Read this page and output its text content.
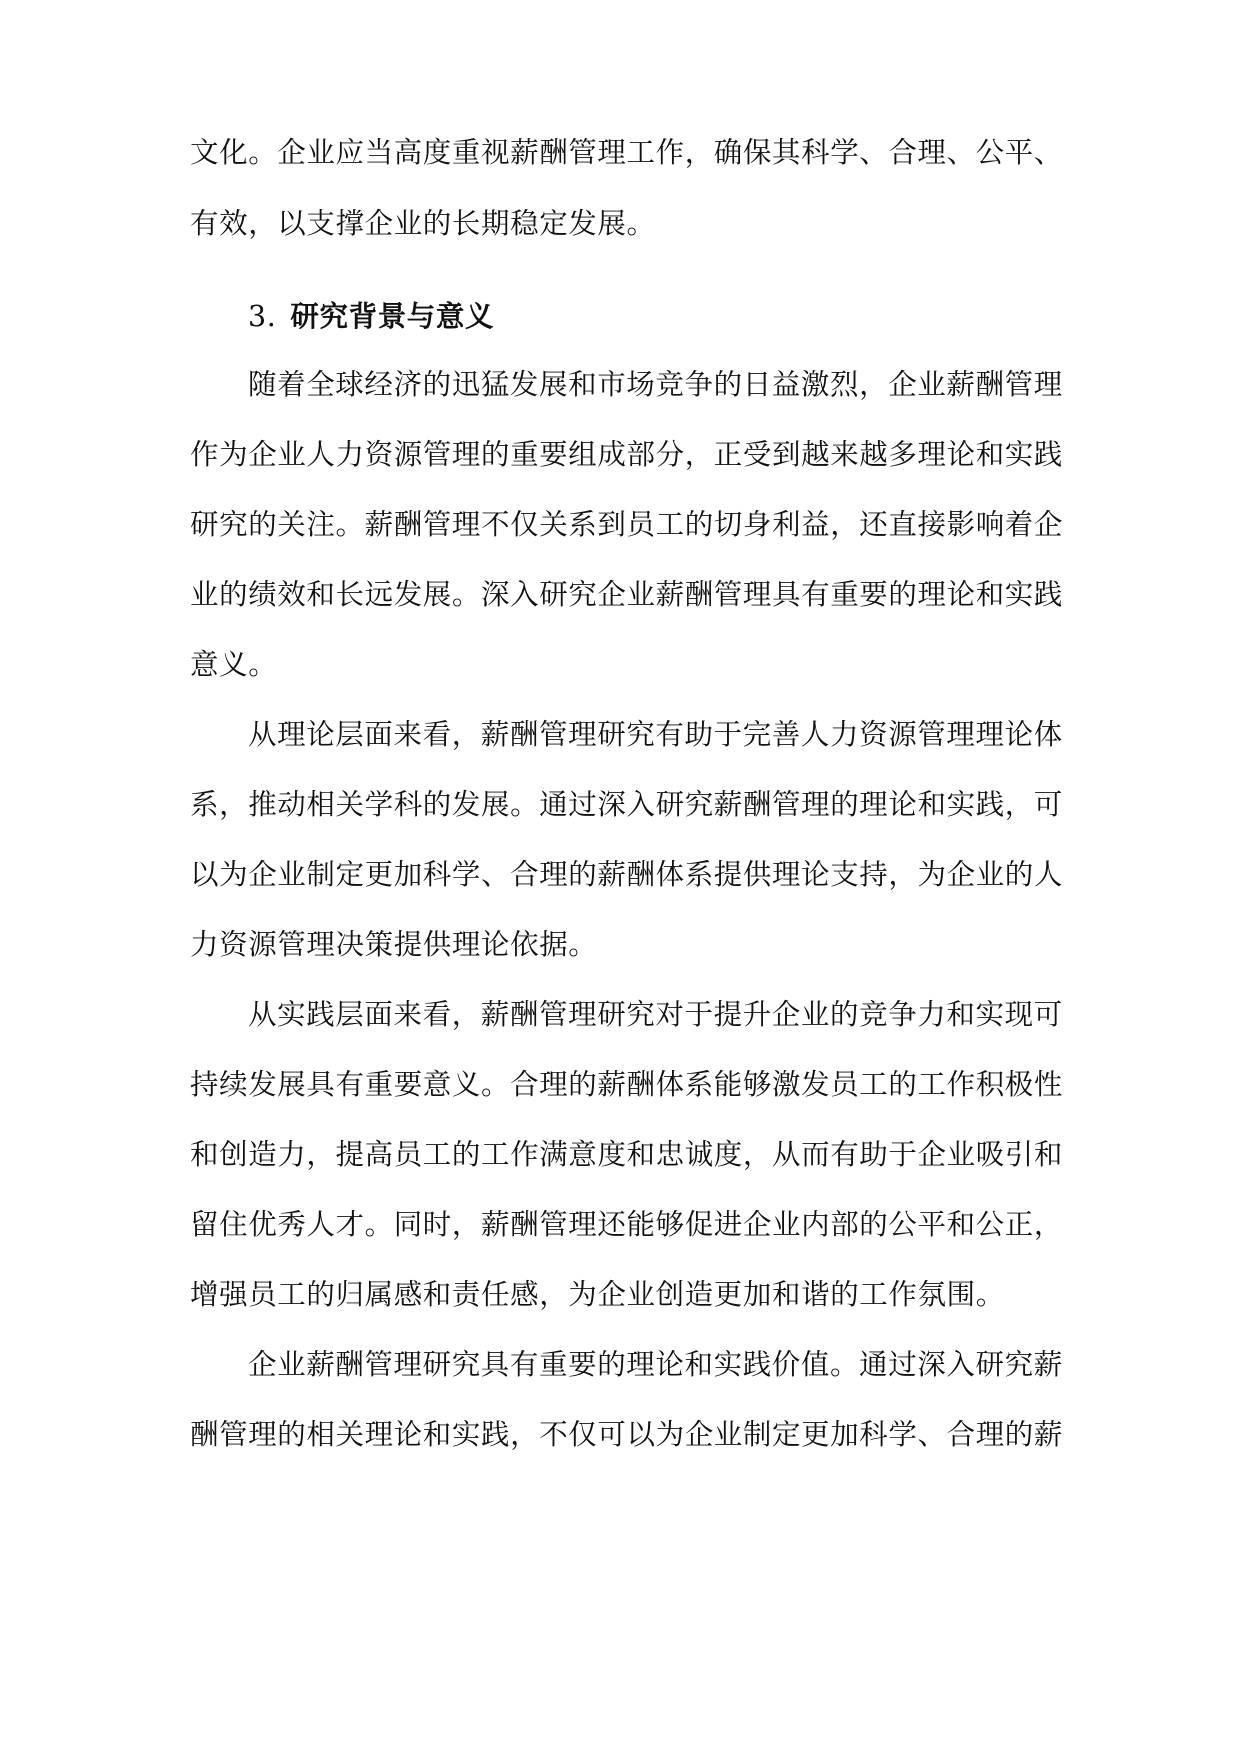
文化。企业应当高度重视薪酬管理工作，确保其科学、合理、公平、
有效，以支撑企业的长期稳定发展。
3. 研究背景与意义
随着全球经济的迅猛发展和市场竞争的日益激烈，企业薪酬管理
作为企业人力资源管理的重要组成部分，正受到越来越多理论和实践
研究的关注。薪酬管理不仅关系到员工的切身利益，还直接影响着企
业的绩效和长远发展。深入研究企业薪酬管理具有重要的理论和实践
意义。
从理论层面来看，薪酬管理研究有助于完善人力资源管理理论体
系，推动相关学科的发展。通过深入研究薪酬管理的理论和实践，可
以为企业制定更加科学、合理的薪酬体系提供理论支持，为企业的人
力资源管理决策提供理论依据。
从实践层面来看，薪酬管理研究对于提升企业的竞争力和实现可
持续发展具有重要意义。合理的薪酬体系能够激发员工的工作积极性
和创造力，提高员工的工作满意度和忠诚度，从而有助于企业吸引和
留住优秀人才。同时，薪酬管理还能够促进企业内部的公平和公正，
增强员工的归属感和责任感，为企业创造更加和谐的工作氛围。
企业薪酬管理研究具有重要的理论和实践价值。通过深入研究薪
酬管理的相关理论和实践，不仅可以为企业制定更加科学、合理的薪
